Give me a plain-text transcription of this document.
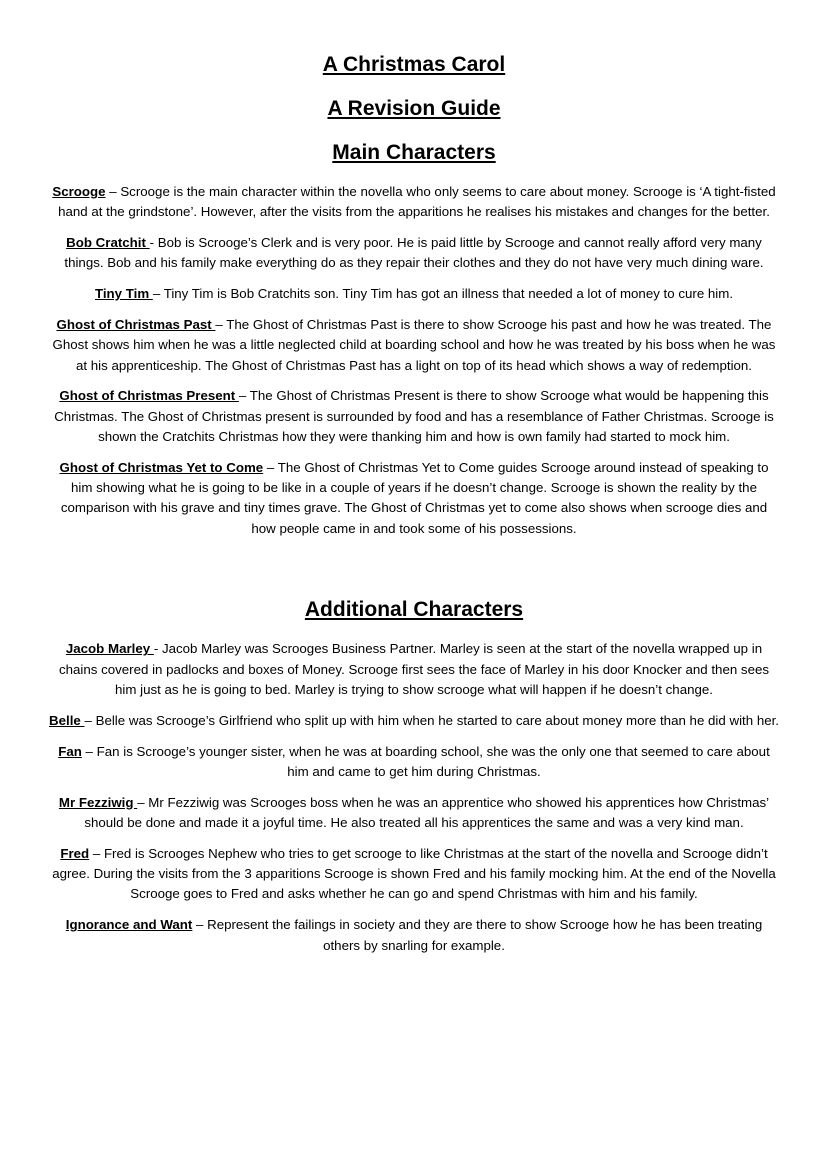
A Christmas Carol
A Revision Guide
Main Characters

Scrooge – Scrooge is the main character within the novella who only seems to care about money. Scrooge is ‘A tight-fisted hand at the grindstone’. However, after the visits from the apparitions he realises his mistakes and changes for the better.

Bob Cratchit - Bob is Scrooge’s Clerk and is very poor. He is paid little by Scrooge and cannot really afford very many things. Bob and his family make everything do as they repair their clothes and they do not have very much dining ware.

Tiny Tim – Tiny Tim is Bob Cratchits son. Tiny Tim has got an illness that needed a lot of money to cure him.

Ghost of Christmas Past – The Ghost of Christmas Past is there to show Scrooge his past and how he was treated. The Ghost shows him when he was a little neglected child at boarding school and how he was treated by his boss when he was at his apprenticeship. The Ghost of Christmas Past has a light on top of its head which shows a way of redemption.

Ghost of Christmas Present – The Ghost of Christmas Present is there to show Scrooge what would be happening this Christmas. The Ghost of Christmas present is surrounded by food and has a resemblance of Father Christmas. Scrooge is shown the Cratchits Christmas how they were thanking him and how is own family had started to mock him.

Ghost of Christmas Yet to Come – The Ghost of Christmas Yet to Come guides Scrooge around instead of speaking to him showing what he is going to be like in a couple of years if he doesn’t change. Scrooge is shown the reality by the comparison with his grave and tiny times grave. The Ghost of Christmas yet to come also shows when scrooge dies and how people came in and took some of his possessions.

Additional Characters

Jacob Marley - Jacob Marley was Scrooges Business Partner. Marley is seen at the start of the novella wrapped up in chains covered in padlocks and boxes of Money. Scrooge first sees the face of Marley in his door Knocker and then sees him just as he is going to bed. Marley is trying to show scrooge what will happen if he doesn’t change.

Belle – Belle was Scrooge’s Girlfriend who split up with him when he started to care about money more than he did with her.

Fan – Fan is Scrooge’s younger sister, when he was at boarding school, she was the only one that seemed to care about him and came to get him during Christmas.

Mr Fezziwig – Mr Fezziwig was Scrooges boss when he was an apprentice who showed his apprentices how Christmas’ should be done and made it a joyful time. He also treated all his apprentices the same and was a very kind man.

Fred – Fred is Scrooges Nephew who tries to get scrooge to like Christmas at the start of the novella and Scrooge didn’t agree. During the visits from the 3 apparitions Scrooge is shown Fred and his family mocking him. At the end of the Novella Scrooge goes to Fred and asks whether he can go and spend Christmas with him and his family.

Ignorance and Want – Represent the failings in society and they are there to show Scrooge how he has been treating others by snarling for example.
